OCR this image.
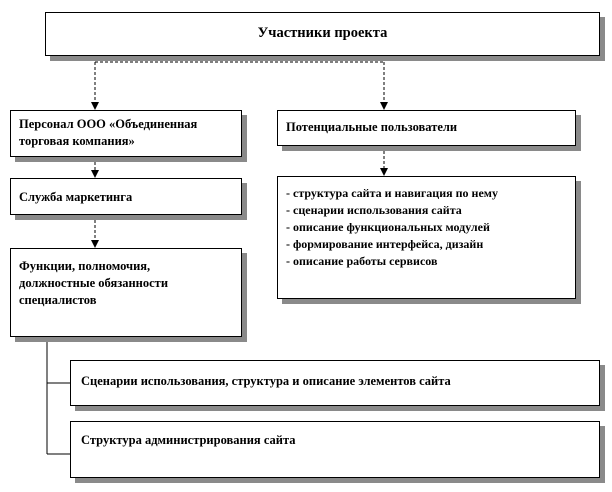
Участники проекта
Персонал ООО «Объединенная торговая компания»
Потенциальные пользователи
Служба маркетинга	- структура сайта и навигация по нему
- сценарии использования сайта
- описание функциональных модулей
- формирование интерфейса, дизайн
- описание работы сервисов
Функции, полномочия, должностные обязанности специалистов
Сценарии использования, структура и описание элементов сайта
Структура администрирования сайта
